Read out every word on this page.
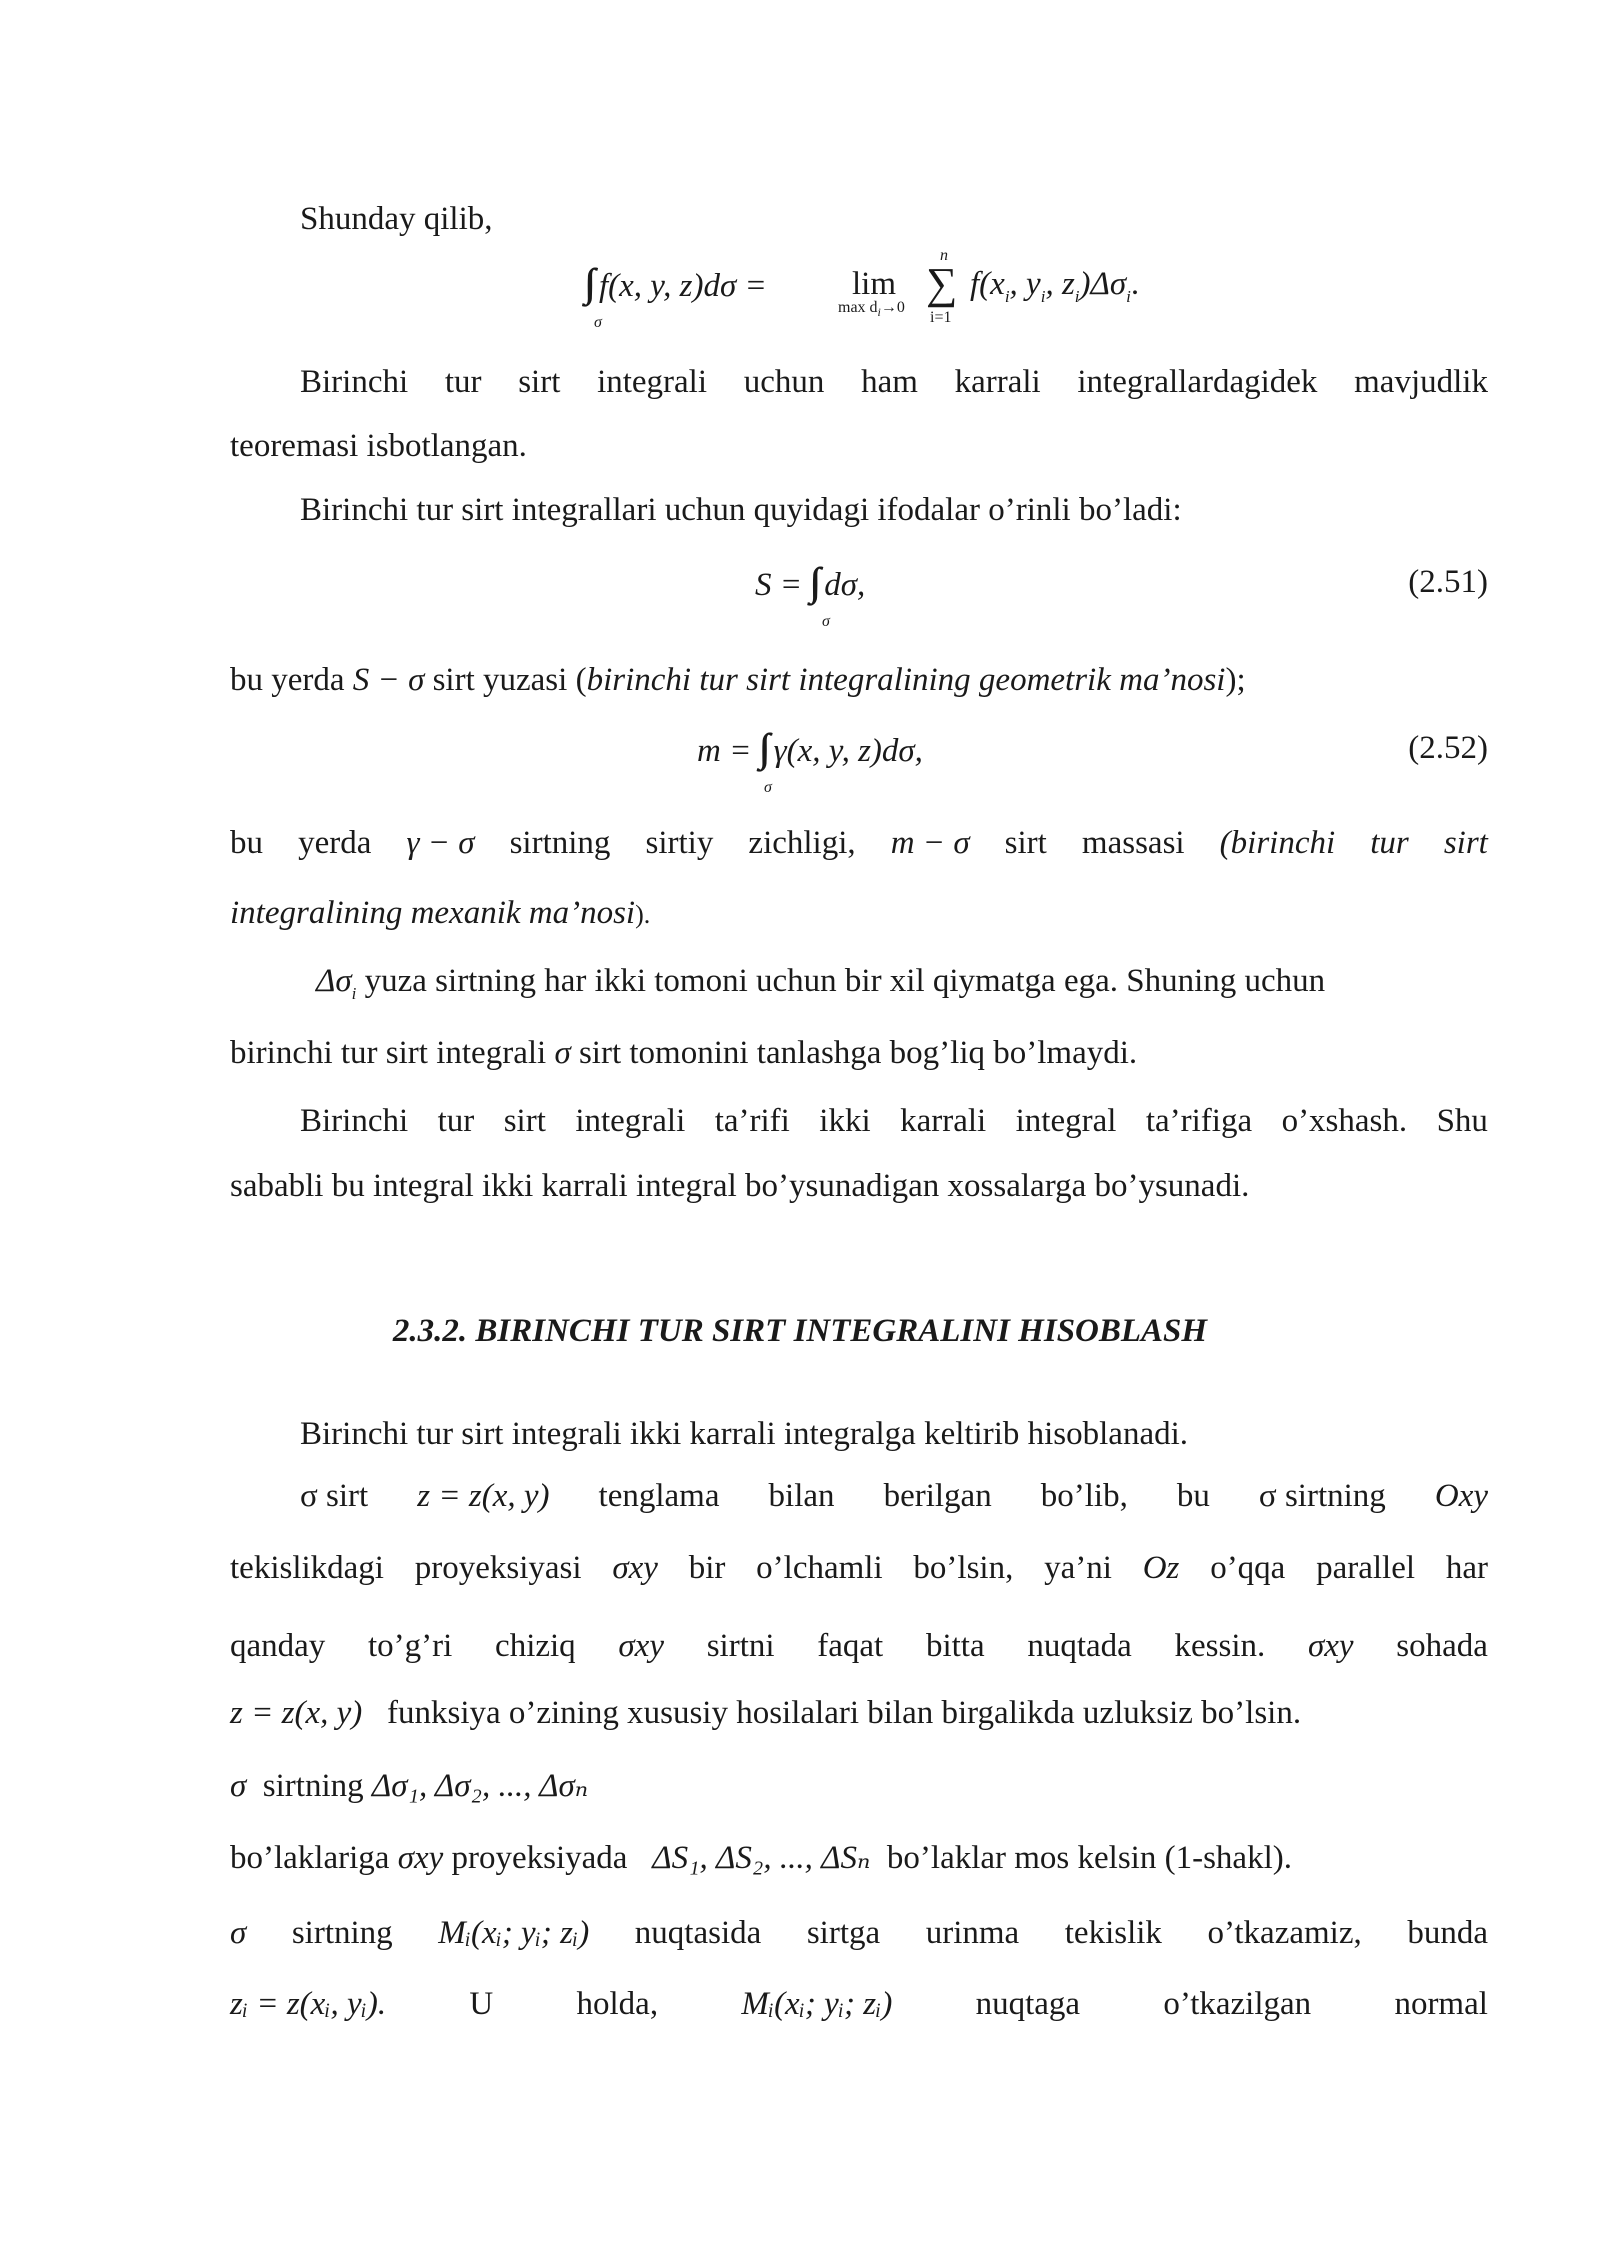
Shunday qilib,
f(x, y, z)dσ =
σ
lim
$\max d_i\to 0$
n
∑
i=1
$f(x_i$, $y_i$, $z_i)\Delta\sigma_i$.
Birinchi tur sirt integrali uchun ham karrali integrallardagidek mavjudlik
teoremasi isbotlangan.
Birinchi tur sirt integrallari uchun quyidagi ifodalar o’rinli bo’ladi:
S = dσ,
σ
(2.51)
bu yerda S − σ sirt yuzasi (birinchi tur sirt integralining geometrik ma’nosi);
m = γ(x, y, z)dσ,
σ
(2.52)
bu yerda γ − σ sirtning sirtiy zichligi, m − σ sirt massasi (birinchi tur sirt
integralining mexanik ma’nosi).
$\Delta\sigma_i$ yuza sirtning har ikki tomoni uchun bir xil qiymatga ega. Shuning uchun
birinchi tur sirt integrali σ sirt tomonini tanlashga bog’liq bo’lmaydi.
Birinchi tur sirt integrali ta’rifi ikki karrali integral ta’rifiga o’xshash. Shu
sababli bu integral ikki karrali integral bo’ysunadigan xossalarga bo’ysunadi.
2.3.2. BIRINCHI TUR SIRT INTEGRALINI HISOBLASH
Birinchi tur sirt integrali ikki karrali integralga keltirib hisoblanadi.
σ sirt z = z(x, y) tenglama bilan berilgan bo’lib, bu σ sirtning Oxy
tekislikdagi proyeksiyasi σxy bir o’lchamli bo’lsin, ya’ni Oz o’qqa parallel har
qanday to’g’ri chiziq σxy sirtni faqat bitta nuqtada kessin. σxy sohada
z = z(x, y) funksiya o’zining xususiy hosilalari bilan birgalikda uzluksiz bo’lsin.
σ sirtning Δσ₁, Δσ₂, ..., Δσₙ
bo’laklariga σxy proyeksiyada ΔS₁, ΔS₂, ..., ΔSₙ bo’laklar mos kelsin (1-shakl).
σ sirtning Mᵢ(xᵢ; yᵢ; zᵢ) nuqtasida sirtga urinma tekislik o’tkazamiz, bunda
zᵢ = z(xᵢ, yᵢ).	U	holda,	Mᵢ(xᵢ; yᵢ; zᵢ)	nuqtaga	o’tkazilgan	normal
